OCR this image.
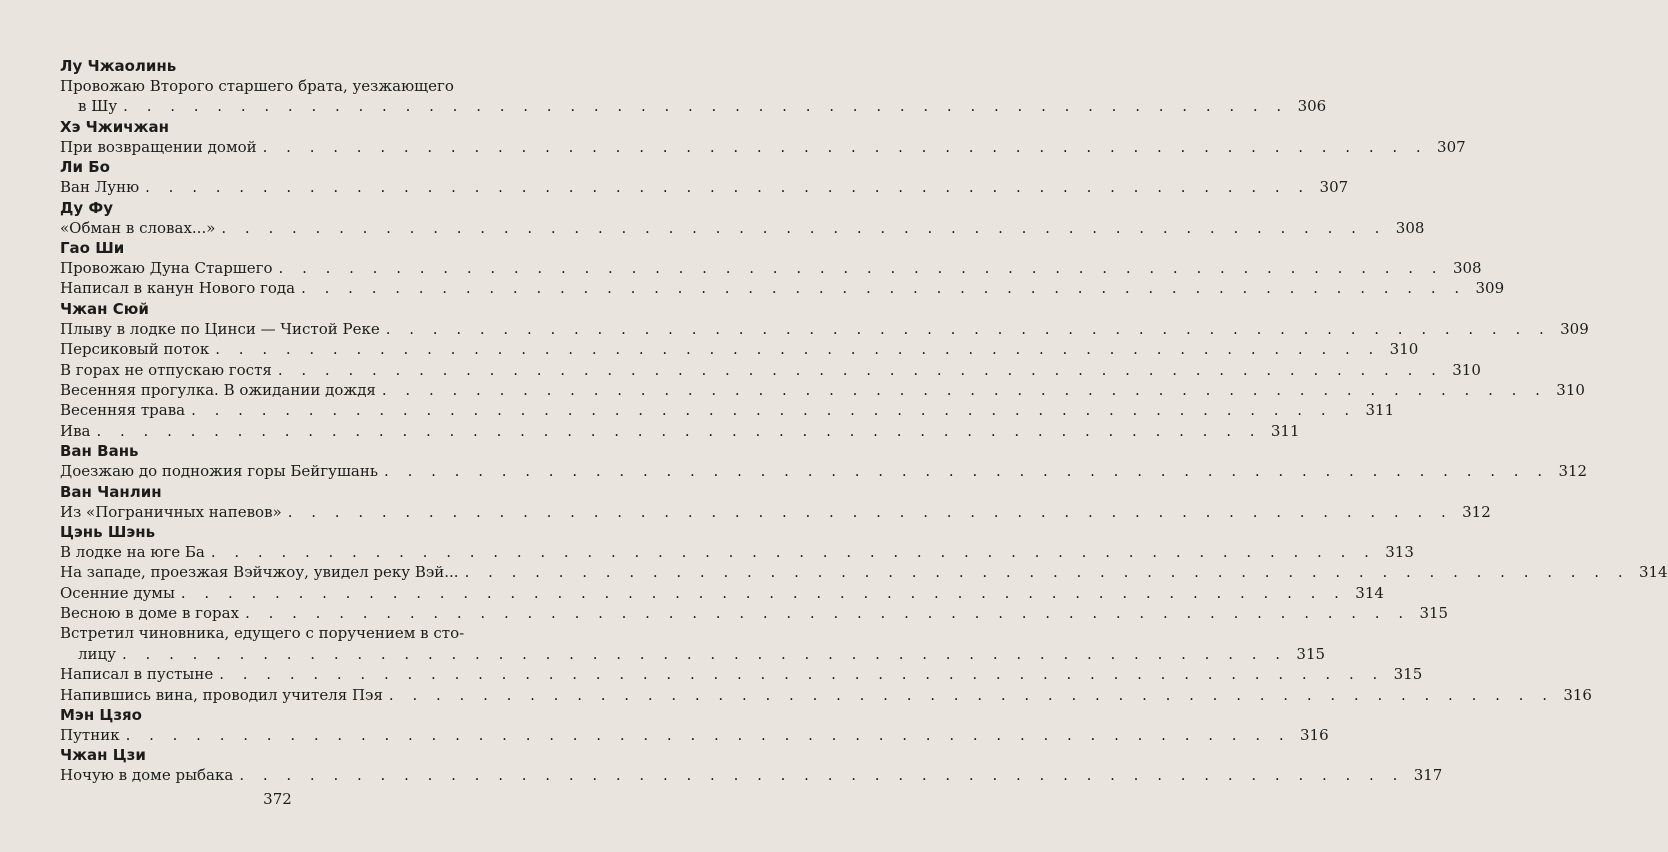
Лу Чжаолинь
Провожаю Второго старшего брата, уезжающего
в Шу . . . . . . . . . . . . . . . . . . . . . . . . . . . . . . . . . . . . . . . . . . . . . . . . . . 306
Хэ Чжичжан
При возвращении домой . . . . . . . . . . . . . . . . . . . . . . . . . . . . . . . . . . . . . . . . . . . . . . . . . . 307
Ли Бо
Ван Луню . . . . . . . . . . . . . . . . . . . . . . . . . . . . . . . . . . . . . . . . . . . . . . . . . . 307
Ду Фу
«Обман в словах...» . . . . . . . . . . . . . . . . . . . . . . . . . . . . . . . . . . . . . . . . . . . . . . . . . . 308
Гао Ши
Провожаю Дуна Старшего . . . . . . . . . . . . . . . . . . . . . . . . . . . . . . . . . . . . . . . . . . . . . . . . . . 308
Написал в канун Нового года . . . . . . . . . . . . . . . . . . . . . . . . . . . . . . . . . . . . . . . . . . . . . . . . . . 309
Чжан Сюй
Плыву в лодке по Цинси — Чистой Реке . . . . . . . . . . . . . . . . . . . . . . . . . . . . . . . . . . . . . . . . . . . . . . . . . . 309
Персиковый поток . . . . . . . . . . . . . . . . . . . . . . . . . . . . . . . . . . . . . . . . . . . . . . . . . . 310
В горах не отпускаю гостя . . . . . . . . . . . . . . . . . . . . . . . . . . . . . . . . . . . . . . . . . . . . . . . . . . 310
Весенняя прогулка. В ожидании дождя . . . . . . . . . . . . . . . . . . . . . . . . . . . . . . . . . . . . . . . . . . . . . . . . . . 310
Весенняя трава . . . . . . . . . . . . . . . . . . . . . . . . . . . . . . . . . . . . . . . . . . . . . . . . . . 311
Ива . . . . . . . . . . . . . . . . . . . . . . . . . . . . . . . . . . . . . . . . . . . . . . . . . . 311
Ван Вань
Доезжаю до подножия горы Бейгушань . . . . . . . . . . . . . . . . . . . . . . . . . . . . . . . . . . . . . . . . . . . . . . . . . . 312
Ван Чанлин
Из «Пограничных напевов» . . . . . . . . . . . . . . . . . . . . . . . . . . . . . . . . . . . . . . . . . . . . . . . . . . 312
Цэнь Шэнь
В лодке на юге Ба . . . . . . . . . . . . . . . . . . . . . . . . . . . . . . . . . . . . . . . . . . . . . . . . . . 313
На западе, проезжая Вэйчжоу, увидел реку Вэй... . . . . . . . . . . . . . . . . . . . . . . . . . . . . . . . . . . . . . . . . . . . . . . . . . . 314
Осенние думы . . . . . . . . . . . . . . . . . . . . . . . . . . . . . . . . . . . . . . . . . . . . . . . . . . 314
Весною в доме в горах . . . . . . . . . . . . . . . . . . . . . . . . . . . . . . . . . . . . . . . . . . . . . . . . . . 315
Встретил чиновника, едущего с поручением в сто-
лицу . . . . . . . . . . . . . . . . . . . . . . . . . . . . . . . . . . . . . . . . . . . . . . . . . . 315
Написал в пустыне . . . . . . . . . . . . . . . . . . . . . . . . . . . . . . . . . . . . . . . . . . . . . . . . . . 315
Напившись вина, проводил учителя Пэя . . . . . . . . . . . . . . . . . . . . . . . . . . . . . . . . . . . . . . . . . . . . . . . . . . 316
Мэн Цзяо
Путник . . . . . . . . . . . . . . . . . . . . . . . . . . . . . . . . . . . . . . . . . . . . . . . . . . 316
Чжан Цзи
Ночую в доме рыбака . . . . . . . . . . . . . . . . . . . . . . . . . . . . . . . . . . . . . . . . . . . . . . . . . . 317
372
